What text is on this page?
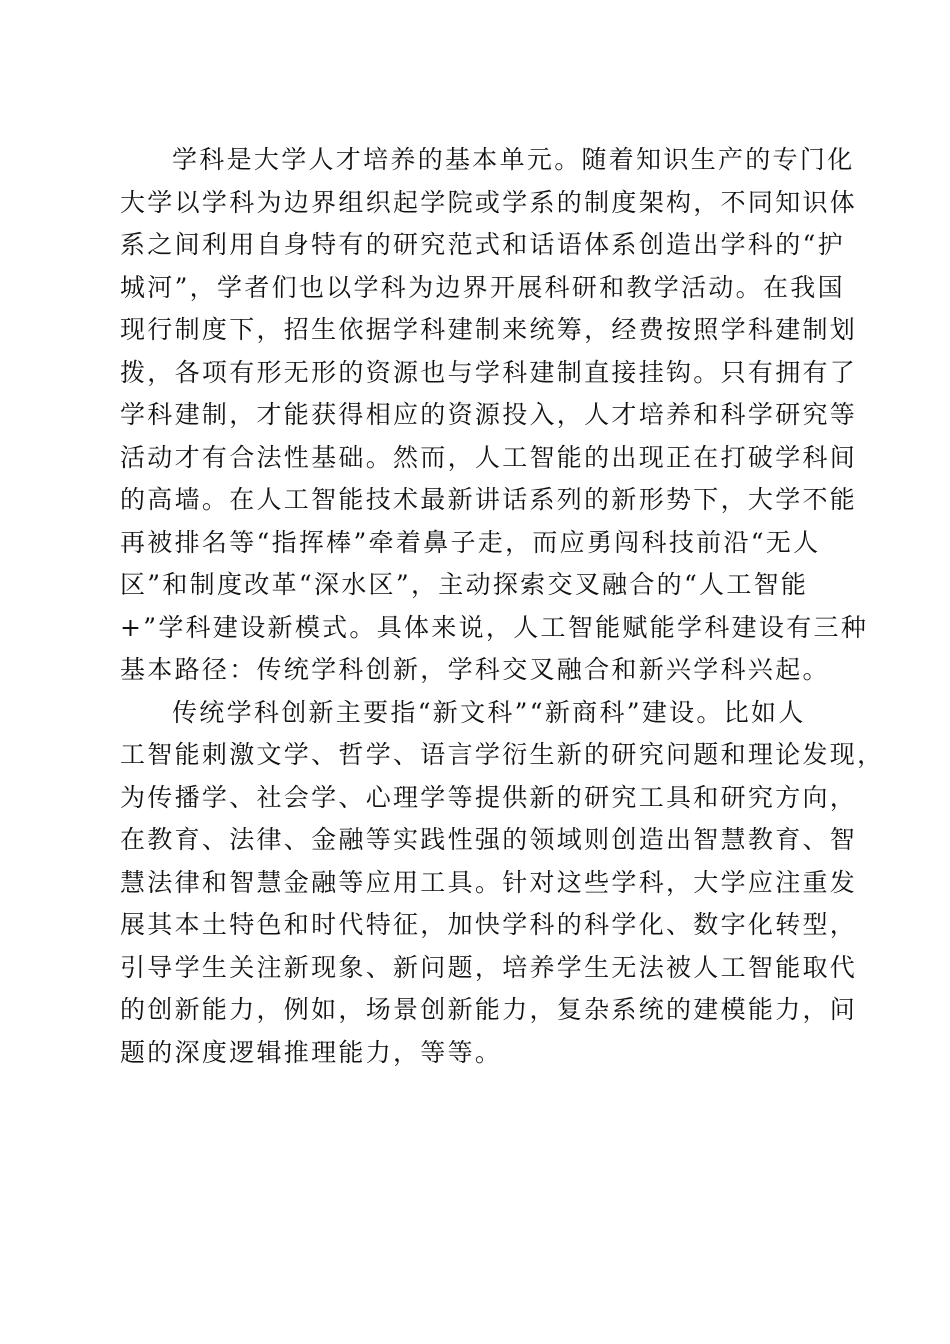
学科是大学人才培养的基本单元。随着知识生产的专门化
大学以学科为边界组织起学院或学系的制度架构，不同知识体
系之间利用自身特有的研究范式和话语体系创造出学科的“护
城河”，学者们也以学科为边界开展科研和教学活动。在我国
现行制度下，招生依据学科建制来统筹，经费按照学科建制划
拨，各项有形无形的资源也与学科建制直接挂钩。只有拥有了
学科建制，才能获得相应的资源投入，人才培养和科学研究等
活动才有合法性基础。然而，人工智能的出现正在打破学科间
的高墙。在人工智能技术最新讲话系列的新形势下，大学不能
再被排名等“指挥棒”牵着鼻子走，而应勇闯科技前沿“无人
区”和制度改革“深水区”，主动探索交叉融合的“人工智能
+”学科建设新模式。具体来说，人工智能赋能学科建设有三种
基本路径：传统学科创新，学科交叉融合和新兴学科兴起。
传统学科创新主要指“新文科”“新商科”建设。比如人
工智能刺激文学、哲学、语言学衍生新的研究问题和理论发现，
为传播学、社会学、心理学等提供新的研究工具和研究方向，
在教育、法律、金融等实践性强的领域则创造出智慧教育、智
慧法律和智慧金融等应用工具。针对这些学科，大学应注重发
展其本土特色和时代特征，加快学科的科学化、数字化转型，
引导学生关注新现象、新问题，培养学生无法被人工智能取代
的创新能力，例如，场景创新能力，复杂系统的建模能力，问
题的深度逻辑推理能力，等等。
